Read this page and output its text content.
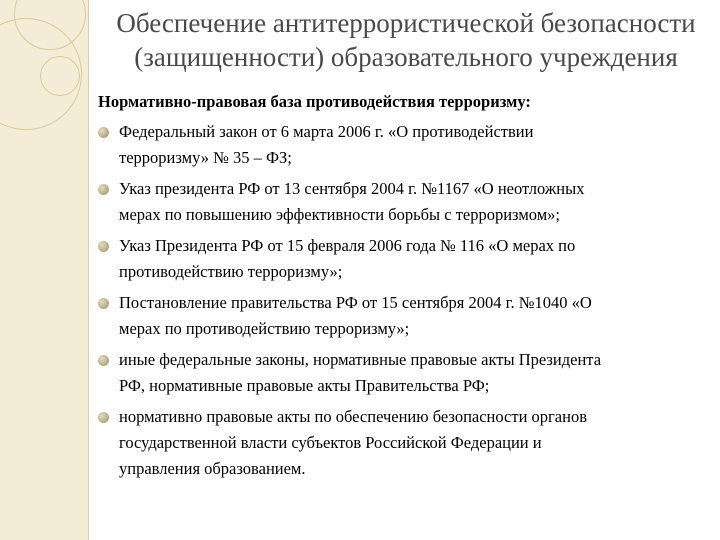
Обеспечение антитеррористической безопасности
(защищенности) образовательного учреждения
Нормативно-правовая база противодействия терроризму:
Федеральный закон от 6 марта 2006 г. «О противодействии
терроризму» № 35 – ФЗ;
Указ президента РФ от 13 сентября 2004 г. №1167 «О неотложных
мерах по повышению эффективности борьбы с терроризмом»;
Указ Президента РФ от 15 февраля 2006 года № 116 «О мерах по
противодействию терроризму»;
Постановление правительства РФ от 15 сентября 2004 г. №1040 «О
мерах по противодействию терроризму»;
иные федеральные законы, нормативные правовые акты Президента
РФ, нормативные правовые акты Правительства РФ;
нормативно правовые акты по обеспечению безопасности органов
государственной власти субъектов Российской Федерации и
управления образованием.
